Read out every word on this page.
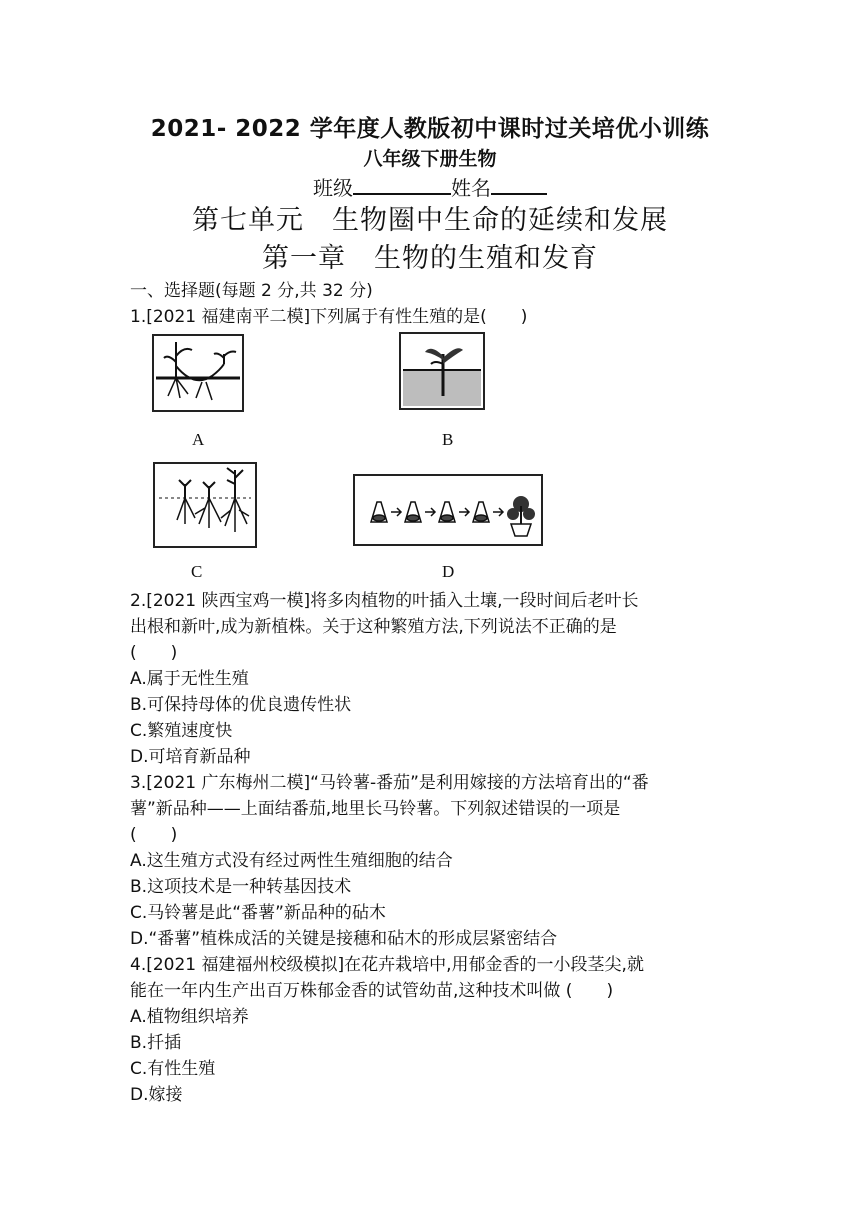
2021- 2022 学年度人教版初中课时过关培优小训练
八年级下册生物
班级	姓名
第七单元　生物圈中生命的延续和发展
第一章　生物的生殖和发育
一、选择题(每题 2 分,共 32 分)
1.[2021 福建南平二模]下列属于有性生殖的是(　　)
A	B
C	D
2.[2021 陕西宝鸡一模]将多肉植物的叶插入土壤,一段时间后老叶长
出根和新叶,成为新植株。关于这种繁殖方法,下列说法不正确的是
(　　)
A.属于无性生殖
B.可保持母体的优良遗传性状
C.繁殖速度快
D.可培育新品种
3.[2021 广东梅州二模]“马铃薯-番茄”是利用嫁接的方法培育出的“番
薯”新品种——上面结番茄,地里长马铃薯。下列叙述错误的一项是
(　　)
A.这生殖方式没有经过两性生殖细胞的结合
B.这项技术是一种转基因技术
C.马铃薯是此“番薯”新品种的砧木
D.“番薯”植株成活的关键是接穗和砧木的形成层紧密结合
4.[2021 福建福州校级模拟]在花卉栽培中,用郁金香的一小段茎尖,就
能在一年内生产出百万株郁金香的试管幼苗,这种技术叫做 (　　)
A.植物组织培养
B.扦插
C.有性生殖
D.嫁接
